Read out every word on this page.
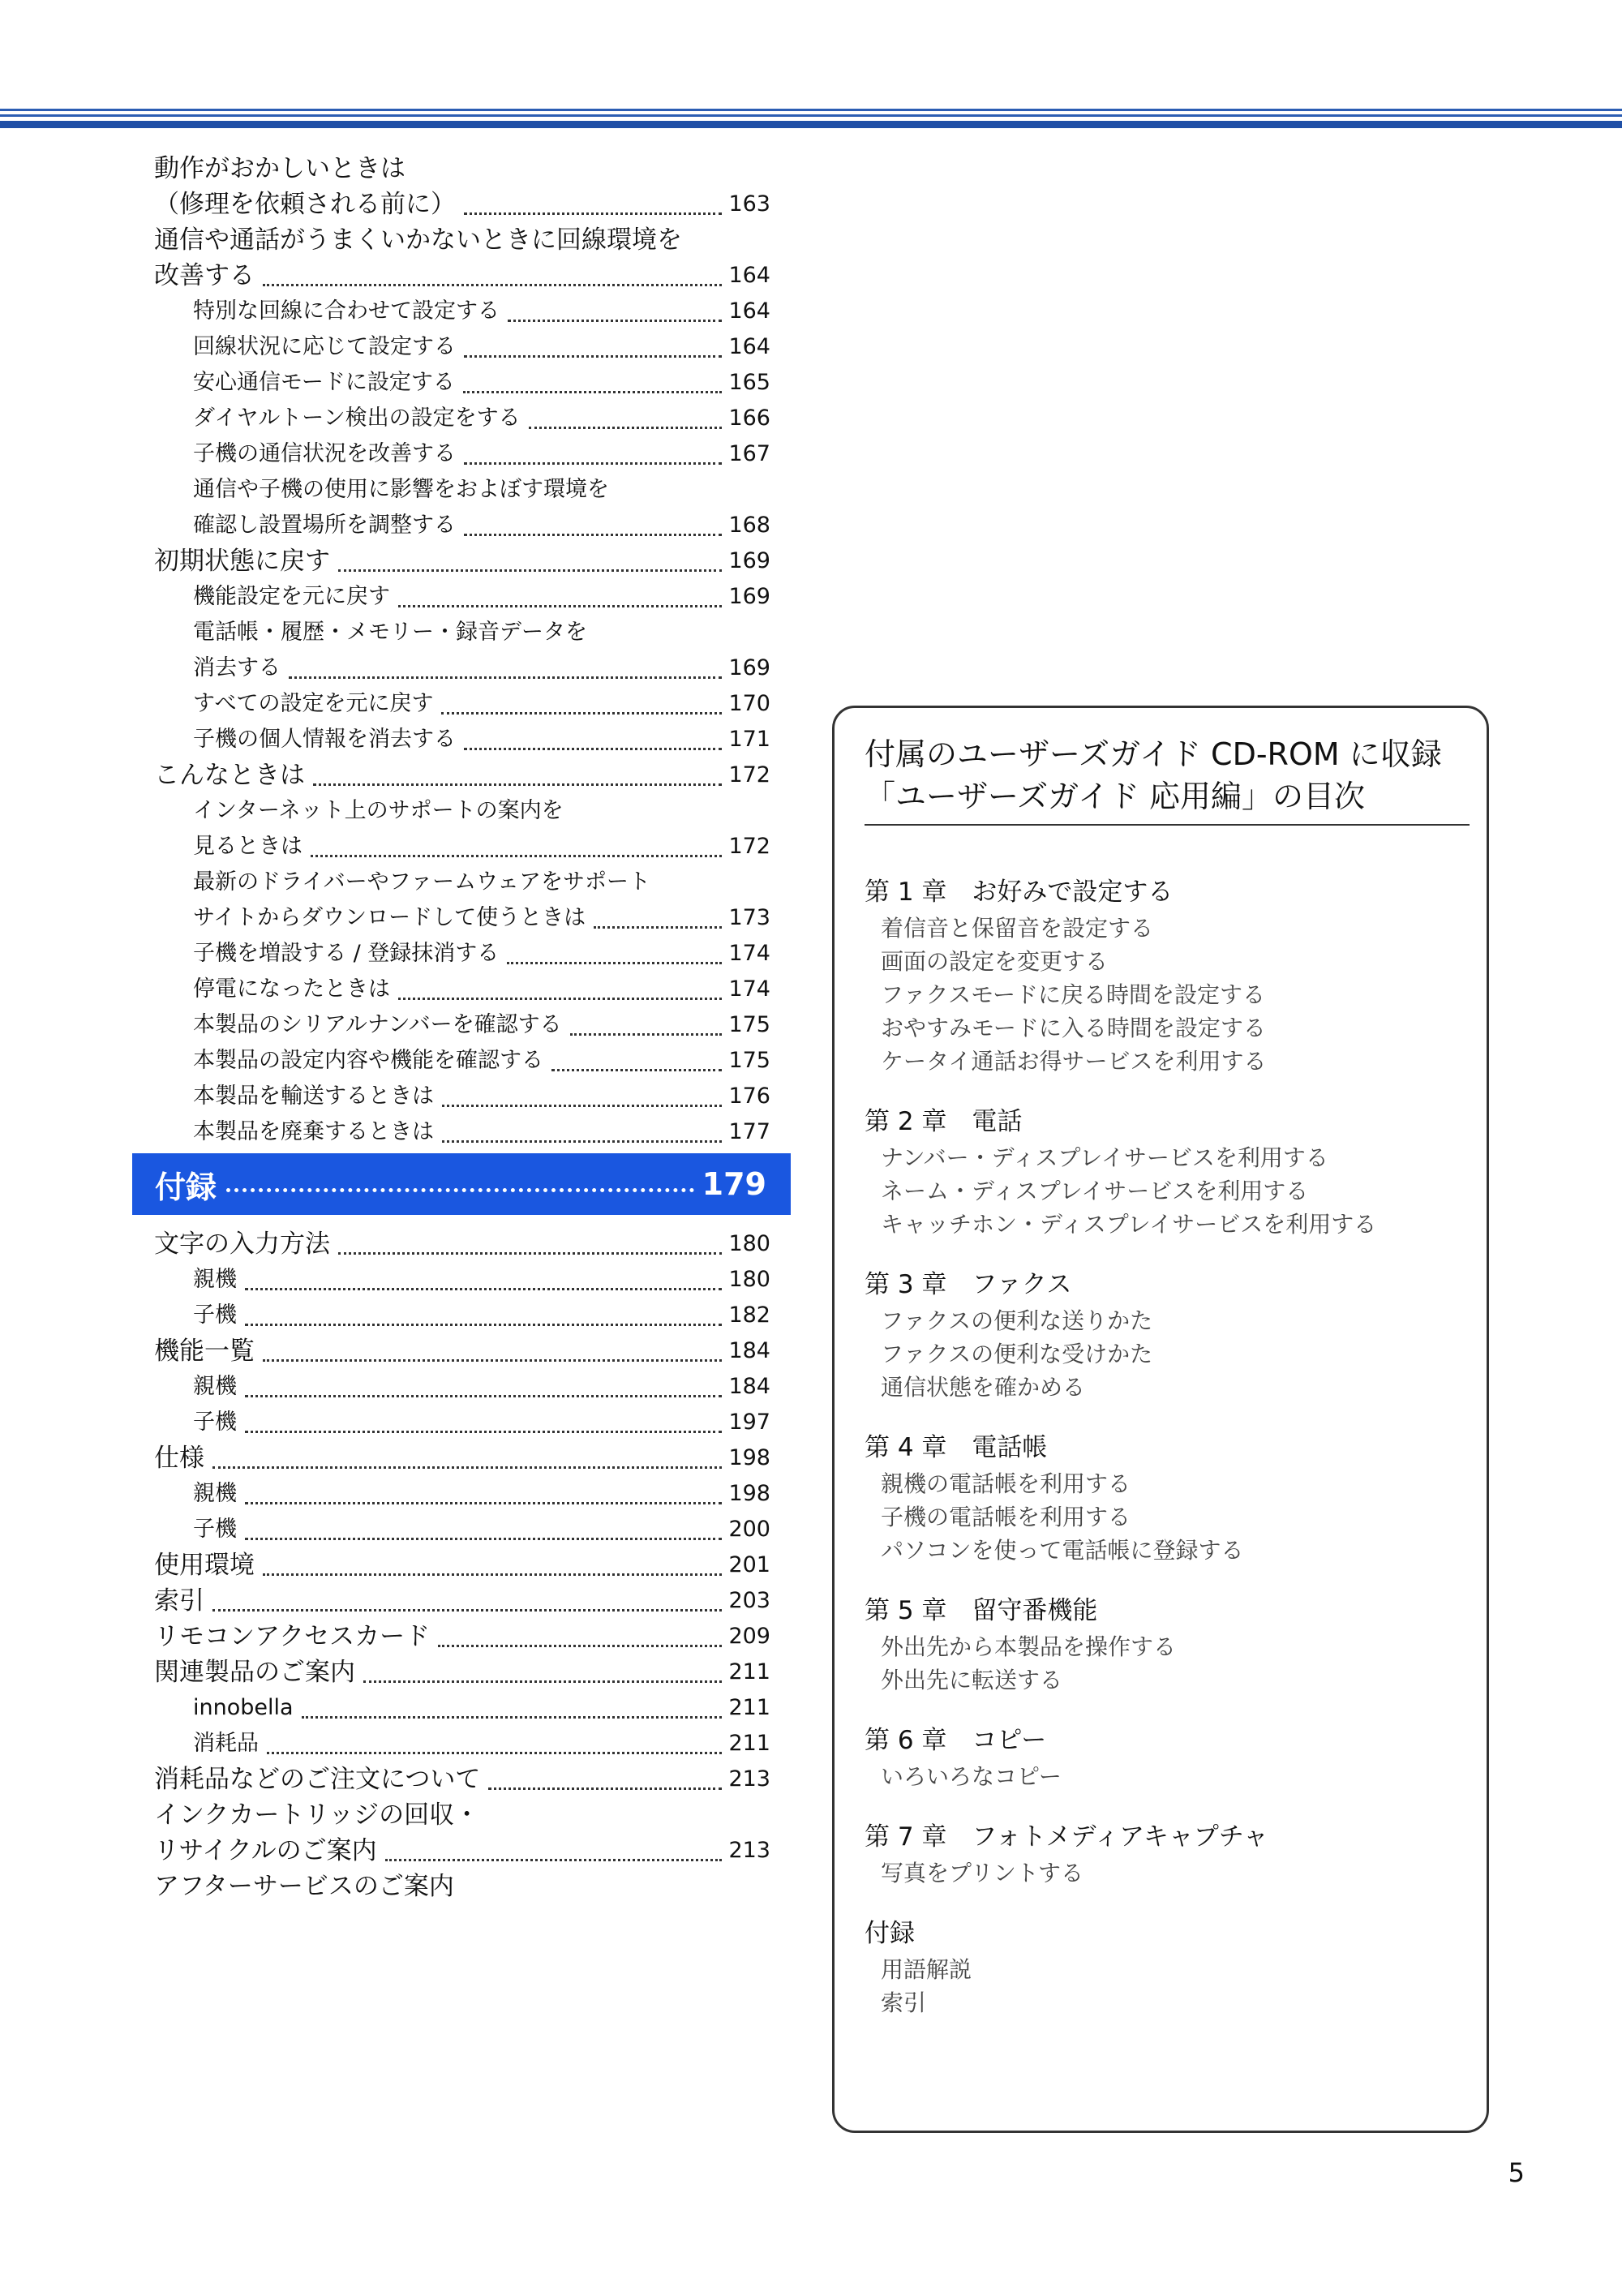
動作がおかしいときは
（修理を依頼される前に）	163
通信や通話がうまくいかないときに回線環境を
改善する	164
特別な回線に合わせて設定する	164
回線状況に応じて設定する	164
安心通信モードに設定する	165
ダイヤルトーン検出の設定をする	166
子機の通信状況を改善する	167
通信や子機の使用に影響をおよぼす環境を
確認し設置場所を調整する	168
初期状態に戻す	169
機能設定を元に戻す	169
電話帳・履歴・メモリー・録音データを
消去する	169
すべての設定を元に戻す	170
子機の個人情報を消去する	171
こんなときは	172
インターネット上のサポートの案内を
見るときは	172
最新のドライバーやファームウェアをサポート
サイトからダウンロードして使うときは	173
子機を増設する / 登録抹消する	174
停電になったときは	174
本製品のシリアルナンバーを確認する	175
本製品の設定内容や機能を確認する	175
本製品を輸送するときは	176
本製品を廃棄するときは	177
付録	179
文字の入力方法	180
親機	180
子機	182
機能一覧	184
親機	184
子機	197
仕様	198
親機	198
子機	200
使用環境	201
索引	203
リモコンアクセスカード	209
関連製品のご案内	211
innobella	211
消耗品	211
消耗品などのご注文について	213
インクカートリッジの回収・
リサイクルのご案内	213
アフターサービスのご案内
付属のユーザーズガイド CD-ROM に収録
「ユーザーズガイド 応用編」の目次
第 1 章　お好みで設定する
着信音と保留音を設定する
画面の設定を変更する
ファクスモードに戻る時間を設定する
おやすみモードに入る時間を設定する
ケータイ通話お得サービスを利用する
第 2 章　電話
ナンバー・ディスプレイサービスを利用する
ネーム・ディスプレイサービスを利用する
キャッチホン・ディスプレイサービスを利用する
第 3 章　ファクス
ファクスの便利な送りかた
ファクスの便利な受けかた
通信状態を確かめる
第 4 章　電話帳
親機の電話帳を利用する
子機の電話帳を利用する
パソコンを使って電話帳に登録する
第 5 章　留守番機能
外出先から本製品を操作する
外出先に転送する
第 6 章　コピー
いろいろなコピー
第 7 章　フォトメディアキャプチャ
写真をプリントする
付録
用語解説
索引
5
